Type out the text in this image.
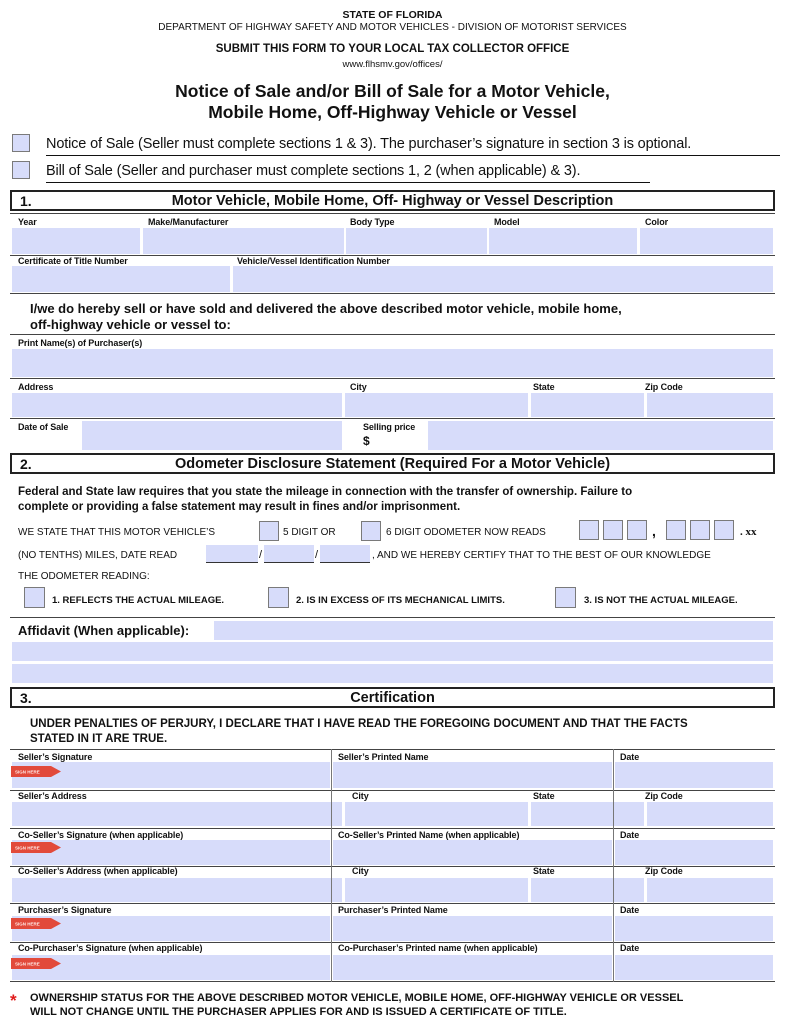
STATE OF FLORIDA
DEPARTMENT OF HIGHWAY SAFETY AND MOTOR VEHICLES - DIVISION OF MOTORIST SERVICES
SUBMIT THIS FORM TO YOUR LOCAL TAX COLLECTOR OFFICE
www.flhsmv.gov/offices/
Notice of Sale and/or Bill of Sale for a Motor Vehicle,
Mobile Home, Off-Highway Vehicle or Vessel
Notice of Sale (Seller must complete sections 1 & 3). The purchaser’s signature in section 3 is optional.
Bill of Sale (Seller and purchaser must complete sections 1, 2 (when applicable) & 3).
1.	Motor Vehicle, Mobile Home, Off- Highway or Vessel Description
Year	Make/Manufacturer	Body Type	Model	Color
Certificate of Title Number	Vehicle/Vessel Identification Number
I/we do hereby sell or have sold and delivered the above described motor vehicle, mobile home,
off-highway vehicle or vessel to:
Print Name(s) of Purchaser(s)
Address	City	State	Zip Code
Date of Sale	Selling price
$
2.	Odometer Disclosure Statement (Required For a Motor Vehicle)
Federal and State law requires that you state the mileage in connection with the transfer of ownership. Failure to
complete or providing a false statement may result in fines and/or imprisonment.
WE STATE THAT THIS MOTOR VEHICLE’S	5 DIGIT OR	6 DIGIT ODOMETER NOW READS	,	. xx
(NO TENTHS) MILES, DATE READ	/	/	, AND WE HEREBY CERTIFY THAT TO THE BEST OF OUR KNOWLEDGE
THE ODOMETER READING:
1. REFLECTS THE ACTUAL MILEAGE.	2. IS IN EXCESS OF ITS MECHANICAL LIMITS.	3. IS NOT THE ACTUAL MILEAGE.
Affidavit (When applicable):
3.	Certification
UNDER PENALTIES OF PERJURY, I DECLARE THAT I HAVE READ THE FOREGOING DOCUMENT AND THAT THE FACTS
STATED IN IT ARE TRUE.
Seller’s Signature	Seller’s Printed Name	Date
SIGN HERE
Seller’s Address	City	State	Zip Code
Co-Seller’s Signature (when applicable)	Co-Seller’s Printed Name (when applicable)	Date
SIGN HERE
Co-Seller’s Address (when applicable)	City	State	Zip Code
Purchaser’s Signature	Purchaser’s Printed Name	Date
SIGN HERE
Co-Purchaser’s Signature (when applicable)	Co-Purchaser’s Printed name (when applicable)	Date
SIGN HERE
* OWNERSHIP STATUS FOR THE ABOVE DESCRIBED MOTOR VEHICLE, MOBILE HOME, OFF-HIGHWAY VEHICLE OR VESSEL
WILL NOT CHANGE UNTIL THE PURCHASER APPLIES FOR AND IS ISSUED A CERTIFICATE OF TITLE.
